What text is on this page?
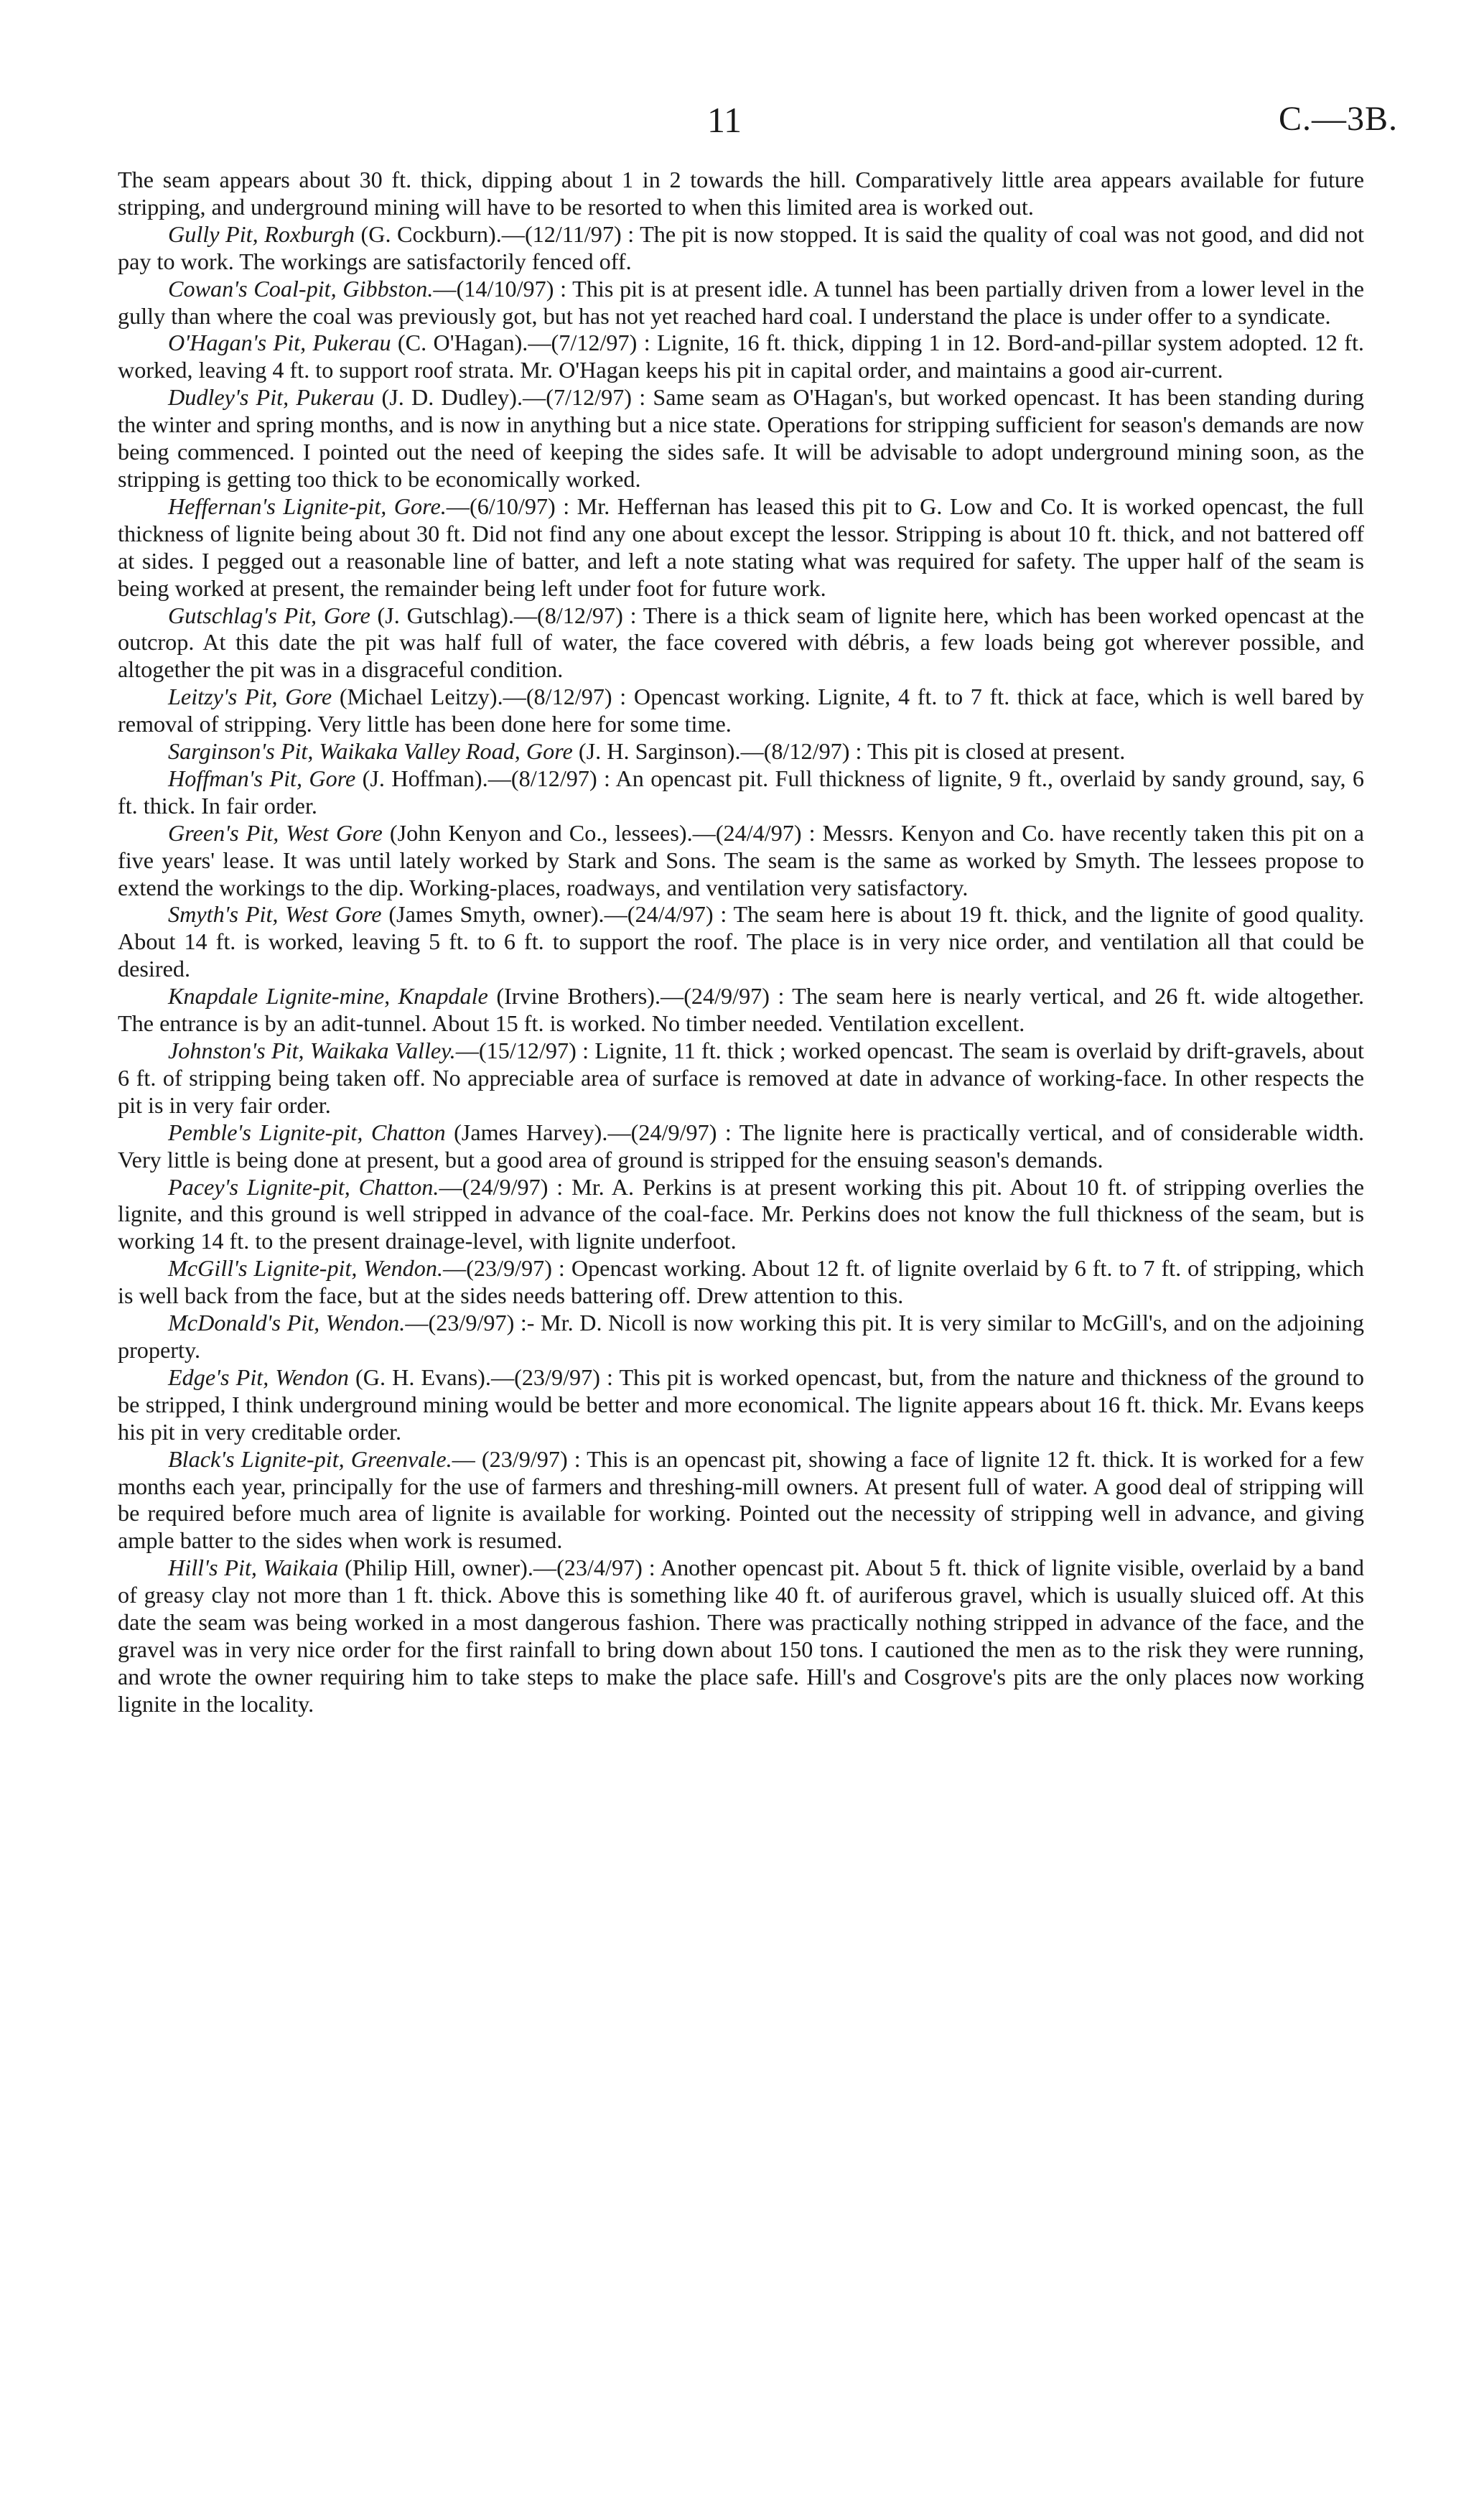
11	C.—3B.

The seam appears about 30 ft. thick, dipping about 1 in 2 towards the hill. Comparatively little area appears available for future stripping, and underground mining will have to be resorted to when this limited area is worked out.

Gully Pit, Roxburgh (G. Cockburn).—(12/11/97) : The pit is now stopped. It is said the quality of coal was not good, and did not pay to work. The workings are satisfactorily fenced off.

Cowan's Coal-pit, Gibbston.—(14/10/97) : This pit is at present idle. A tunnel has been partially driven from a lower level in the gully than where the coal was previously got, but has not yet reached hard coal. I understand the place is under offer to a syndicate.

O'Hagan's Pit, Pukerau (C. O'Hagan).—(7/12/97) : Lignite, 16 ft. thick, dipping 1 in 12. Bord-and-pillar system adopted. 12 ft. worked, leaving 4 ft. to support roof strata. Mr. O'Hagan keeps his pit in capital order, and maintains a good air-current.

Dudley's Pit, Pukerau (J. D. Dudley).—(7/12/97) : Same seam as O'Hagan's, but worked opencast. It has been standing during the winter and spring months, and is now in anything but a nice state. Operations for stripping sufficient for season's demands are now being commenced. I pointed out the need of keeping the sides safe. It will be advisable to adopt underground mining soon, as the stripping is getting too thick to be economically worked.

Heffernan's Lignite-pit, Gore.—(6/10/97) : Mr. Heffernan has leased this pit to G. Low and Co. It is worked opencast, the full thickness of lignite being about 30 ft. Did not find any one about except the lessor. Stripping is about 10 ft. thick, and not battered off at sides. I pegged out a reasonable line of batter, and left a note stating what was required for safety. The upper half of the seam is being worked at present, the remainder being left under foot for future work.

Gutschlag's Pit, Gore (J. Gutschlag).—(8/12/97) : There is a thick seam of lignite here, which has been worked opencast at the outcrop. At this date the pit was half full of water, the face covered with débris, a few loads being got wherever possible, and altogether the pit was in a disgraceful condition.

Leitzy's Pit, Gore (Michael Leitzy).—(8/12/97) : Opencast working. Lignite, 4 ft. to 7 ft. thick at face, which is well bared by removal of stripping. Very little has been done here for some time.

Sarginson's Pit, Waikaka Valley Road, Gore (J. H. Sarginson).—(8/12/97) : This pit is closed at present.

Hoffman's Pit, Gore (J. Hoffman).—(8/12/97) : An opencast pit. Full thickness of lignite, 9 ft., overlaid by sandy ground, say, 6 ft. thick. In fair order.

Green's Pit, West Gore (John Kenyon and Co., lessees).—(24/4/97) : Messrs. Kenyon and Co. have recently taken this pit on a five years' lease. It was until lately worked by Stark and Sons. The seam is the same as worked by Smyth. The lessees propose to extend the workings to the dip. Working-places, roadways, and ventilation very satisfactory.

Smyth's Pit, West Gore (James Smyth, owner).—(24/4/97) : The seam here is about 19 ft. thick, and the lignite of good quality. About 14 ft. is worked, leaving 5 ft. to 6 ft. to support the roof. The place is in very nice order, and ventilation all that could be desired.

Knapdale Lignite-mine, Knapdale (Irvine Brothers).—(24/9/97) : The seam here is nearly vertical, and 26 ft. wide altogether. The entrance is by an adit-tunnel. About 15 ft. is worked. No timber needed. Ventilation excellent.

Johnston's Pit, Waikaka Valley.—(15/12/97) : Lignite, 11 ft. thick ; worked opencast. The seam is overlaid by drift-gravels, about 6 ft. of stripping being taken off. No appreciable area of surface is removed at date in advance of working-face. In other respects the pit is in very fair order.

Pemble's Lignite-pit, Chatton (James Harvey).—(24/9/97) : The lignite here is practically vertical, and of considerable width. Very little is being done at present, but a good area of ground is stripped for the ensuing season's demands.

Pacey's Lignite-pit, Chatton.—(24/9/97) : Mr. A. Perkins is at present working this pit. About 10 ft. of stripping overlies the lignite, and this ground is well stripped in advance of the coal-face. Mr. Perkins does not know the full thickness of the seam, but is working 14 ft. to the present drainage-level, with lignite underfoot.

McGill's Lignite-pit, Wendon.—(23/9/97) : Opencast working. About 12 ft. of lignite overlaid by 6 ft. to 7 ft. of stripping, which is well back from the face, but at the sides needs battering off. Drew attention to this.

McDonald's Pit, Wendon.—(23/9/97) :- Mr. D. Nicoll is now working this pit. It is very similar to McGill's, and on the adjoining property.

Edge's Pit, Wendon (G. H. Evans).—(23/9/97) : This pit is worked opencast, but, from the nature and thickness of the ground to be stripped, I think underground mining would be better and more economical. The lignite appears about 16 ft. thick. Mr. Evans keeps his pit in very creditable order.

Black's Lignite-pit, Greenvale.— (23/9/97) : This is an opencast pit, showing a face of lignite 12 ft. thick. It is worked for a few months each year, principally for the use of farmers and threshing-mill owners. At present full of water. A good deal of stripping will be required before much area of lignite is available for working. Pointed out the necessity of stripping well in advance, and giving ample batter to the sides when work is resumed.

Hill's Pit, Waikaia (Philip Hill, owner).—(23/4/97) : Another opencast pit. About 5 ft. thick of lignite visible, overlaid by a band of greasy clay not more than 1 ft. thick. Above this is something like 40 ft. of auriferous gravel, which is usually sluiced off. At this date the seam was being worked in a most dangerous fashion. There was practically nothing stripped in advance of the face, and the gravel was in very nice order for the first rainfall to bring down about 150 tons. I cautioned the men as to the risk they were running, and wrote the owner requiring him to take steps to make the place safe. Hill's and Cosgrove's pits are the only places now working lignite in the locality.
